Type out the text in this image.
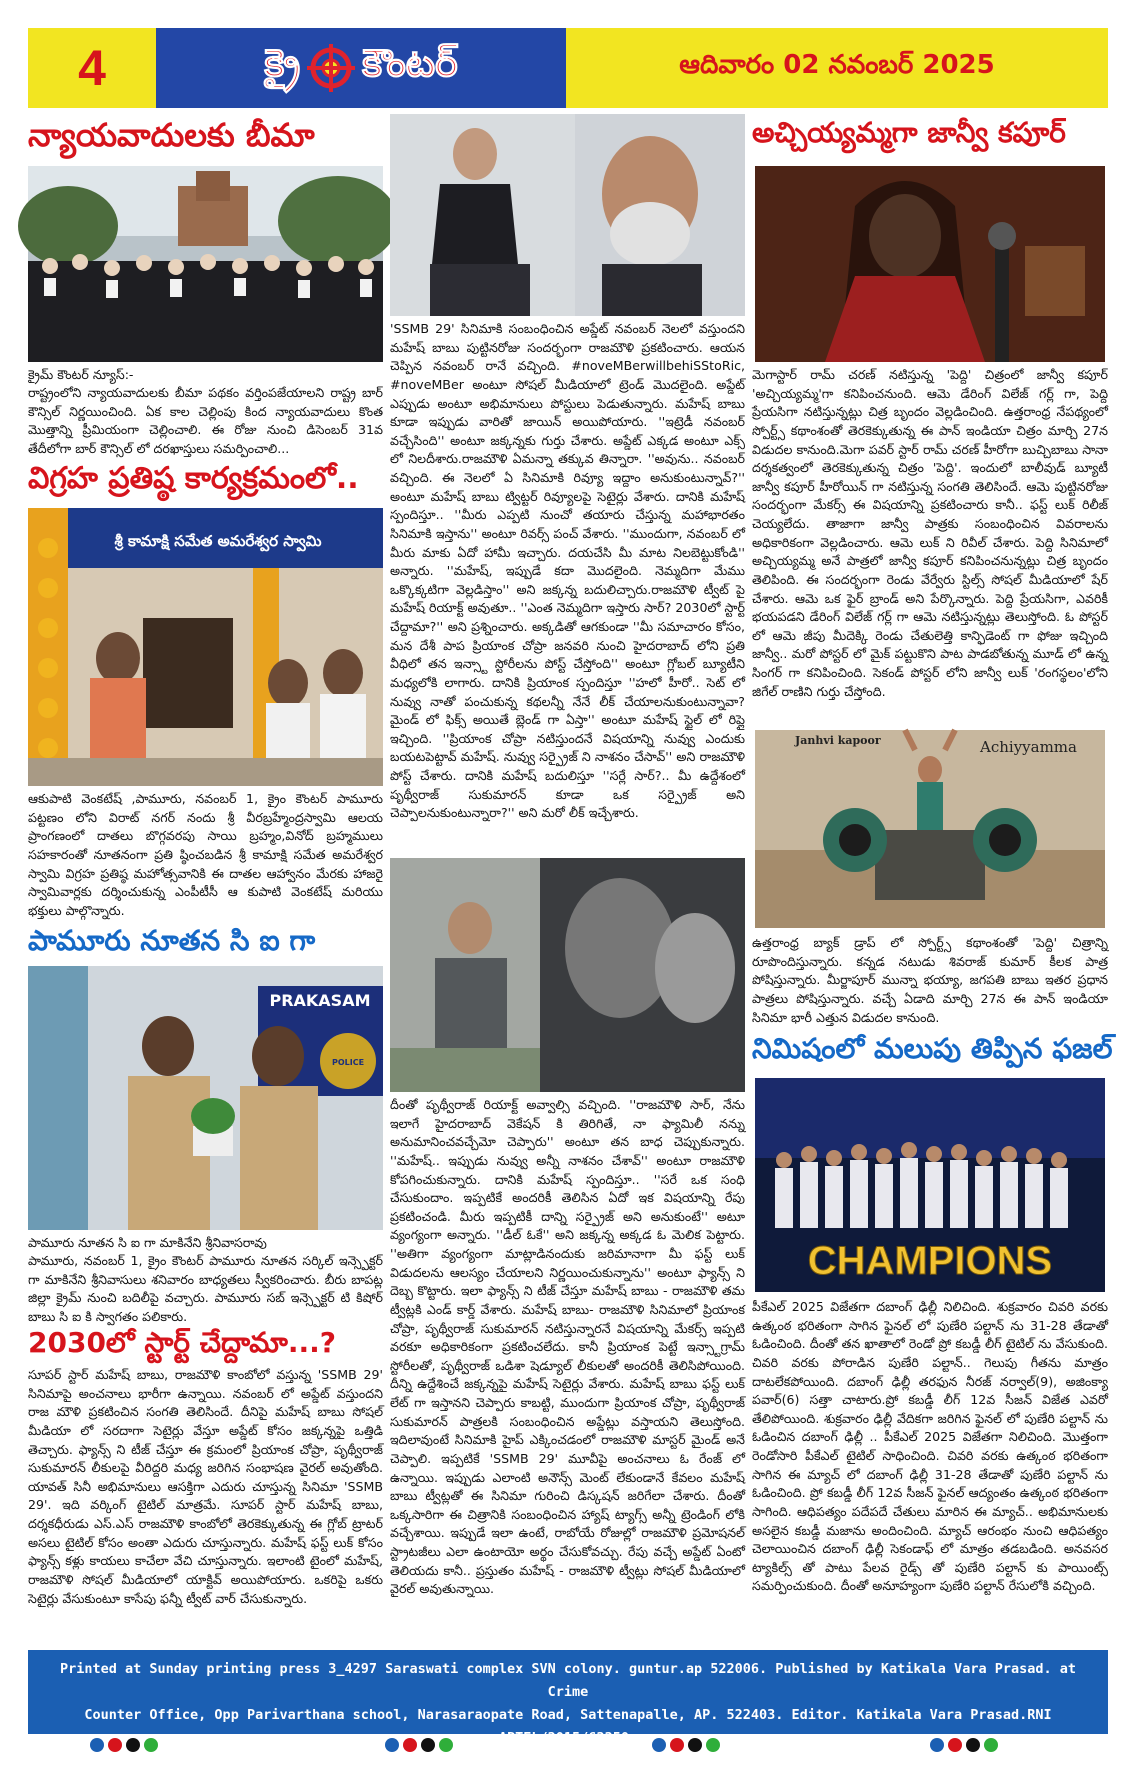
4	క్రై కౌంటర్	ఆదివారం 02 నవంబర్ 2025
న్యాయవాదులకు బీమా
క్రైమ్ కౌంటర్ న్యూస్:-
రాష్ట్రంలోని న్యాయవాదులకు బీమా పథకం వర్తింపజేయాలని రాష్ట్ర బార్ కౌన్సిల్ నిర్ణయించింది. ఏక కాల చెల్లింపు కింద న్యాయవాదులు కొంత మొత్తాన్ని ప్రీమియంగా చెల్లించాలి. ఈ రోజు నుంచి డిసెంబర్ 31వ తేదీలోగా బార్ కౌన్సిల్ లో దరఖాస్తులు సమర్పించాలి...
విగ్రహ ప్రతిష్ఠ కార్యక్రమంలో..
శ్రీ కామాక్షి సమేత అమరేశ్వర స్వామి
ఆకుపాటి వెంకటేష్ ,పామూరు, నవంబర్ 1, క్రైం కౌంటర్ పామూరు పట్టణం లోని విరాట్ నగర్ నందు శ్రీ వీరబ్రహ్మేంద్రస్వామి ఆలయ ప్రాంగణంలో దాతలు బొగ్గవరపు సాయి బ్రహ్మం,వినోద్ బ్రహ్మములు సహకారంతో నూతనంగా ప్రతి ష్ఠించబడిన శ్రీ కామాక్షి సమేత అమరేశ్వర స్వామి విగ్రహ ప్రతిష్ఠ మహోత్సవానికి ఈ దాతల ఆహ్వానం మేరకు హాజరై స్వామివార్లకు దర్శించుకున్న ఎంపీటీసీ ఆ కుపాటి వెంకటేష్ మరియు భక్తులు పాల్గొన్నారు.
పామూరు నూతన సి ఐ గా
PRAKASAM
POLICE
పామూరు నూతన సి ఐ గా మాకినేని శ్రీనివాసరావు
పామూరు, నవంబర్ 1, క్రైం కౌంటర్ పామూరు నూతన సర్కిల్ ఇన్స్పెక్టర్ గా మాకినేని శ్రీనివాసులు శనివారం బాధ్యతలు స్వీకరించారు. బీరు బాపట్ల జిల్లా క్రైమ్ నుంచి బదిలీపై వచ్చారు. పామూరు సబ్ ఇన్స్పెక్టర్ టి కిషోర్ బాబు సి ఐ కి స్వాగతం పలికారు.
2030లో స్టార్ట్ చేద్దామా...?
సూపర్ స్టార్ మహేష్ బాబు, రాజమౌళి కాంబోలో వస్తున్న 'SSMB 29' సినిమాపై అంచనాలు భారీగా ఉన్నాయి. నవంబర్ లో అప్డేట్ వస్తుందని రాజ మౌళి ప్రకటించిన సంగతి తెలిసిందే. దీనిపై మహేష్ బాబు సోషల్ మీడియా లో సరదాగా సెటైర్లు వేస్తూ అప్డేట్ కోసం జక్కన్నపై ఒత్తిడి తెచ్చారు. ఫ్యాన్స్ ని టీజ్ చేస్తూ ఈ క్రమంలో ప్రియాంక చోప్రా, పృథ్వీరాజ్ సుకుమారన్ లీకులపై వీరిద్దరి మధ్య జరిగిన సంభాషణ వైరల్ అవుతోంది. యావత్ సినీ అభిమానులు ఆసక్తిగా ఎదురు చూస్తున్న సినిమా 'SSMB 29'. ఇది వర్కింగ్ టైటిల్ మాత్రమే. సూపర్ స్టార్ మహేష్ బాబు, దర్శకధీరుడు ఎస్.ఎస్ రాజమౌళి కాంబోలో తెరకెక్కుతున్న ఈ గ్లోబ్ ట్రాటర్ అసలు టైటిల్ కోసం అంతా ఎదురు చూస్తున్నారు. మహేష్ ఫస్ట్ లుక్ కోసం ఫ్యాన్స్ కళ్లు కాయలు కాచేలా వేచి చూస్తున్నారు. ఇలాంటి టైంలో మహేష్, రాజమౌళి సోషల్ మీడియాలో యాక్టివ్ అయిపోయారు. ఒకరిపై ఒకరు సెటైర్లు వేసుకుంటూ కాసేపు ఫన్నీ ట్వీట్ వార్ చేసుకున్నారు.
'SSMB 29' సినిమాకి సంబంధించిన అప్డేట్ నవంబర్ నెలలో వస్తుందని మహేష్ బాబు పుట్టినరోజు సందర్భంగా రాజమౌళి ప్రకటించారు. ఆయన చెప్పిన నవంబర్ రానే వచ్చింది. #noveMBerwillbehiSStoRic, #noveMBer అంటూ సోషల్ మీడియాలో ట్రెండ్ మొదలైంది. అప్డేట్ ఎప్పుడు అంటూ అభిమానులు పోస్టులు పెడుతున్నారు. మహేష్ బాబు కూడా ఇప్పుడు వారితో జాయిన్ అయిపోయారు. ''ఇట్రెడీ నవంబర్ వచ్చేసింది'' అంటూ జక్కన్నకు గుర్తు చేశారు. అప్డేట్ ఎక్కడ అంటూ ఎక్స్ లో నిలదీశారు.రాజమౌళి ఏమన్నా తక్కువ తిన్నారా. ''అవును.. నవంబర్ వచ్చింది. ఈ నెలలో ఏ సినిమాకి రివ్యూ ఇద్దాం అనుకుంటున్నావ్?'' అంటూ మహేష్ బాబు ట్విట్టర్ రివ్యూలపై సెటైర్లు వేశారు. దానికి మహేష్ స్పందిస్తూ.. ''మీరు ఎప్పటి నుంచో తయారు చేస్తున్న మహాభారతం సినిమాకి ఇస్తాను'' అంటూ రివర్స్ పంచ్ వేశారు. ''ముందుగా, నవంబర్ లో మీరు మాకు ఏదో హామీ ఇచ్చారు. దయచేసి మీ మాట నిలబెట్టుకోండి'' అన్నారు. ''మహేష్, ఇప్పుడే కదా మొదలైంది. నెమ్మదిగా మేము ఒక్కొక్కటిగా వెల్లడిస్తాం'' అని జక్కన్న బదులిచ్చారు.రాజమౌళి ట్వీట్ పై మహేష్ రియాక్ట్ అవుతూ.. ''ఎంత నెమ్మదిగా ఇస్తారు సార్? 2030లో స్టార్ట్ చేద్దామా?'' అని ప్రశ్నించారు. అక్కడితో ఆగకుండా ''మీ సమాచారం కోసం, మన దేశీ పాప ప్రియాంక చోప్రా జనవరి నుంచి హైదరాబాద్ లోని ప్రతి వీధిలో తన ఇన్స్టా స్టోరీలను పోస్ట్ చేస్తోంది'' అంటూ గ్లోబల్ బ్యూటీని మధ్యలోకి లాగారు. దానికి ప్రియాంక స్పందిస్తూ ''హలో హీరో.. సెట్ లో నువ్వు నాతో పంచుకున్న కథలన్నీ నేనే లీక్ చేయాలనుకుంటున్నావా? మైండ్ లో ఫిక్స్ అయితే బ్లెండ్ గా ఏస్తా'' అంటూ మహేష్ స్టైల్ లో రిప్లై ఇచ్చింది. ''ప్రియాంక చోప్రా నటిస్తుందనే విషయాన్ని నువ్వు ఎందుకు బయటపెట్టావ్ మహేష్. నువ్వు సర్ప్రైజ్ ని నాశనం చేసావ్'' అని రాజమౌళి పోస్ట్ చేశారు. దానికి మహేష్ బదులిస్తూ ''సర్లే సార్?.. మీ ఉద్దేశంలో పృథ్వీరాజ్ సుకుమారన్ కూడా ఒక సర్ప్రైజ్ అని చెప్పాలనుకుంటున్నారా?'' అని మరో లీక్ ఇచ్చేశారు.
దీంతో పృథ్వీరాజ్ రియాక్ట్ అవ్వాల్సి వచ్చింది. ''రాజమౌళి సార్, నేను ఇలాగే హైదరాబాద్ వెకేషన్ కి తిరిగితే, నా ఫ్యామిలీ నన్ను అనుమానించవచ్చేమో చెప్పారు'' అంటూ తన బాధ చెప్పుకున్నారు. ''మహేష్.. ఇప్పుడు నువ్వు అన్నీ నాశనం చేశావ్'' అంటూ రాజమౌళి కోపగించుకున్నారు. దానికి మహేష్ స్పందిస్తూ.. ''సరే ఒక సంధి చేసుకుందాం. ఇప్పటికే అందరికీ తెలిసిన ఏదో ఇక విషయాన్ని రేపు ప్రకటించండి. మీరు ఇప్పటికీ దాన్ని సర్ప్రైజ్ అని అనుకుంటే'' అటూ వ్యంగ్యంగా అన్నారు. ''డీల్ ఓకే'' అని జక్కన్న అక్కడ ఓ మెలిక పెట్టారు. ''అతిగా వ్యంగ్యంగా మాట్లాడినందుకు జరిమానాగా మీ ఫస్ట్ లుక్ విడుదలను ఆలస్యం చేయాలని నిర్ణయించుకున్నాను'' అంటూ ఫ్యాన్స్ ని దెబ్బ కొట్టారు. ఇలా ఫ్యాన్స్ ని టీజ్ చేస్తూ మహేష్ బాబు - రాజమౌళి తమ ట్వీట్లకి ఎండ్ కార్డ్ వేశారు. మహేష్ బాబు- రాజమౌళి సినిమాలో ప్రియాంక చోప్రా, పృథ్వీరాజ్ సుకుమారన్ నటిస్తున్నారనే విషయాన్ని మేకర్స్ ఇప్పటి వరకూ అధికారికంగా ప్రకటించలేదు. కానీ ప్రియాంక పెట్టే ఇన్స్టాగ్రామ్ స్టోరీలతో, పృథ్వీరాజ్ ఒడిశా షెడ్యూల్ లీకులతో అందరికీ తెలిసిపోయింది. దీన్ని ఉద్దేశించే జక్కన్నపై మహేష్ సెటైర్లు వేశారు. మహేష్ బాబు ఫస్ట్ లుక్ లేట్ గా ఇస్తానని చెప్పారు కాబట్టి, ముందుగా ప్రియాంక చోప్రా, పృథ్వీరాజ్ సుకుమారన్ పాత్రలకి సంబంధించిన అప్డేట్లు వస్తాయని తెలుస్తోంది. ఇదిలావుంటే సినిమాకి హైప్ ఎక్కించడంలో రాజమౌళి మాస్టర్ మైండ్ అనే చెప్పాలి. ఇప్పటికే 'SSMB 29' మూవీపై అంచనాలు ఓ రేంజ్ లో ఉన్నాయి. ఇప్పుడు ఎలాంటి అనౌన్స్ మెంట్ లేకుండానే కేవలం మహేష్ బాబు ట్వీట్లతో ఈ సినిమా గురించి డిస్కషన్ జరిగేలా చేశారు. దీంతో ఒక్కసారిగా ఈ చిత్రానికి సంబంధించిన హ్యాష్ ట్యాగ్స్ అన్నీ ట్రెండింగ్ లోకి వచ్చేశాయి. ఇప్పుడే ఇలా ఉంటే, రాబోయే రోజుల్లో రాజమౌళి ప్రమోషనల్ స్ట్రాటజీలు ఎలా ఉంటాయో అర్థం చేసుకోవచ్చు. రేపు వచ్చే అప్డేట్ ఏంటో తెలియదు కానీ.. ప్రస్తుతం మహేష్ - రాజమౌళి ట్వీట్లు సోషల్ మీడియాలో వైరల్ అవుతున్నాయి.
అచ్చియ్యమ్మగా జాన్వీ కపూర్
మెగాస్టార్ రామ్ చరణ్ నటిస్తున్న 'పెద్ది' చిత్రంలో జాన్వీ కపూర్ 'అచ్చియ్యమ్మ'గా కనిపించనుంది. ఆమె డేరింగ్ విలేజ్ గర్ల్ గా, పెద్ది ప్రేయసిగా నటిస్తున్నట్లు చిత్ర బృందం వెల్లడించింది. ఉత్తరాంధ్ర నేపథ్యంలో స్పోర్ట్స్ కథాంశంతో తెరకెక్కుతున్న ఈ పాన్ ఇండియా చిత్రం మార్చి 27న విడుదల కానుంది.మెగా పవర్ స్టార్ రామ్ చరణ్ హీరోగా బుచ్చిబాబు సానా దర్శకత్వంలో తెరకెక్కుతున్న చిత్రం 'పెద్ది'. ఇందులో బాలీవుడ్ బ్యూటీ జాన్వీ కపూర్ హీరోయిన్ గా నటిస్తున్న సంగతి తెలిసిందే. ఆమె పుట్టినరోజు సందర్భంగా మేకర్స్ ఈ విషయాన్ని ప్రకటించారు కానీ.. ఫస్ట్ లుక్ రిలీజ్ చెయ్యలేదు. తాజాగా జాన్వీ పాత్రకు సంబంధించిన వివరాలను అధికారికంగా వెల్లడించారు. ఆమె లుక్ ని రివీల్ చేశారు. పెద్ది సినిమాలో అచ్చియ్యమ్మ అనే పాత్రలో జాన్వీ కపూర్ కనిపించనున్నట్లు చిత్ర బృందం తెలిపింది. ఈ సందర్భంగా రెండు వేర్వేరు స్టిల్స్ సోషల్ మీడియాలో షేర్ చేశారు. ఆమె ఒక ఫైర్ బ్రాండ్ అని పేర్కొన్నారు. పెద్ది ప్రేయసిగా, ఎవరికీ భయపడని డేరింగ్ విలేజ్ గర్ల్ గా ఆమె నటిస్తున్నట్లు తెలుస్తోంది. ఓ పోస్టర్ లో ఆమె జీపు మీదెక్కి రెండు చేతులెత్తి కాన్ఫిడెంట్ గా ఫోజు ఇచ్చింది జాన్వీ.. మరో పోస్టర్ లో మైక్ పట్టుకొని పాట పాడబోతున్న మూడ్ లో ఉన్న సింగర్ గా కనిపించింది. సెకండ్ పోస్టర్ లోని జాన్వీ లుక్ 'రంగస్థలం'లోని జిగేల్ రాణిని గుర్తు చేస్తోంది.
Janhvi kapoor	Achiyyamma
ఉత్తరాంధ్ర బ్యాక్ డ్రాప్ లో స్పోర్ట్స్ కథాంశంతో 'పెద్ది' చిత్రాన్ని రూపొందిస్తున్నారు. కన్నడ నటుడు శివరాజ్ కుమార్ కీలక పాత్ర పోషిస్తున్నారు. మీర్జాపూర్ మున్నా భయ్యా, జగపతి బాబు ఇతర ప్రధాన పాత్రలు పోషిస్తున్నారు. వచ్చే ఏడాది మార్చి 27న ఈ పాన్ ఇండియా సినిమా భారీ ఎత్తున విడుదల కానుంది.
నిమిషంలో మలుపు తిప్పిన ఫజల్
CHAMPIONS
పీకేఎల్ 2025 విజేతగా దబాంగ్ ఢిల్లీ నిలిచింది. శుక్రవారం చివరి వరకు ఉత్కంఠ భరితంగా సాగిన ఫైనల్ లో పుణేరి పల్టాన్ ను 31-28 తేడాతో ఓడించింది. దీంతో తన ఖాతాలో రెండో ప్రో కబడ్డీ లీగ్ టైటిల్ ను వేసుకుంది. చివరి వరకు పోరాడిన పుణేరి పల్టాన్.. గెలుపు గీతను మాత్రం దాటలేకపోయింది. దబాంగ్ ఢిల్లీ తరఫున నీరజ్ నర్వాల్(9), అజింక్యా పవార్(6) సత్తా చాటారు.ప్రో కబడ్డీ లీగ్ 12వ సీజన్ విజేత ఎవరో తేలిపోయింది. శుక్రవారం ఢిల్లీ వేదికగా జరిగిన ఫైనల్ లో పుణేరి పల్టాన్ ను ఓడించిన దబాంగ్ ఢిల్లీ .. పీకేఎల్ 2025 విజేతగా నిలిచింది. మొత్తంగా రెండోసారి పీకేఎల్ టైటిల్ సాధించింది. చివరి వరకు ఉత్కంఠ భరితంగా సాగిన ఈ మ్యాచ్ లో దబాంగ్ ఢిల్లీ 31-28 తేడాతో పుణేరి పల్టాన్ ను ఓడించింది. ప్రో కబడ్డీ లీగ్ 12వ సీజన్ ఫైనల్ ఆద్యంతం ఉత్కంఠ భరితంగా సాగింది. ఆధిపత్యం పదేపదే చేతులు మారిన ఈ మ్యాచ్.. అభిమానులకు అసలైన కబడ్డీ మజాను అందించింది. మ్యాచ్ ఆరంభం నుంచి ఆధిపత్యం చెలాయించిన దబాంగ్ ఢిల్లీ సెకండాఫ్ లో మాత్రం తడబడింది. అనవసర ట్యాకిల్స్ తో పాటు పేలవ రైడ్స్ తో పుణేరి పల్టాన్ కు పాయింట్స్ సమర్పించుకుంది. దీంతో అనూహ్యంగా పుణేరి పల్టాన్ రేసులోకి వచ్చింది.
Printed at Sunday printing press 3_4297 Saraswati complex SVN colony. guntur.ap 522006. Published by Katikala Vara Prasad. at Crime
Counter Office, Opp Parivarthana school, Narasaraopate Road, Sattenapalle, AP. 522403. Editor. Katikala Vara Prasad.RNI APTEL/2015/62250.
Ph:9849707349 email:kvp6858@gmail.com
